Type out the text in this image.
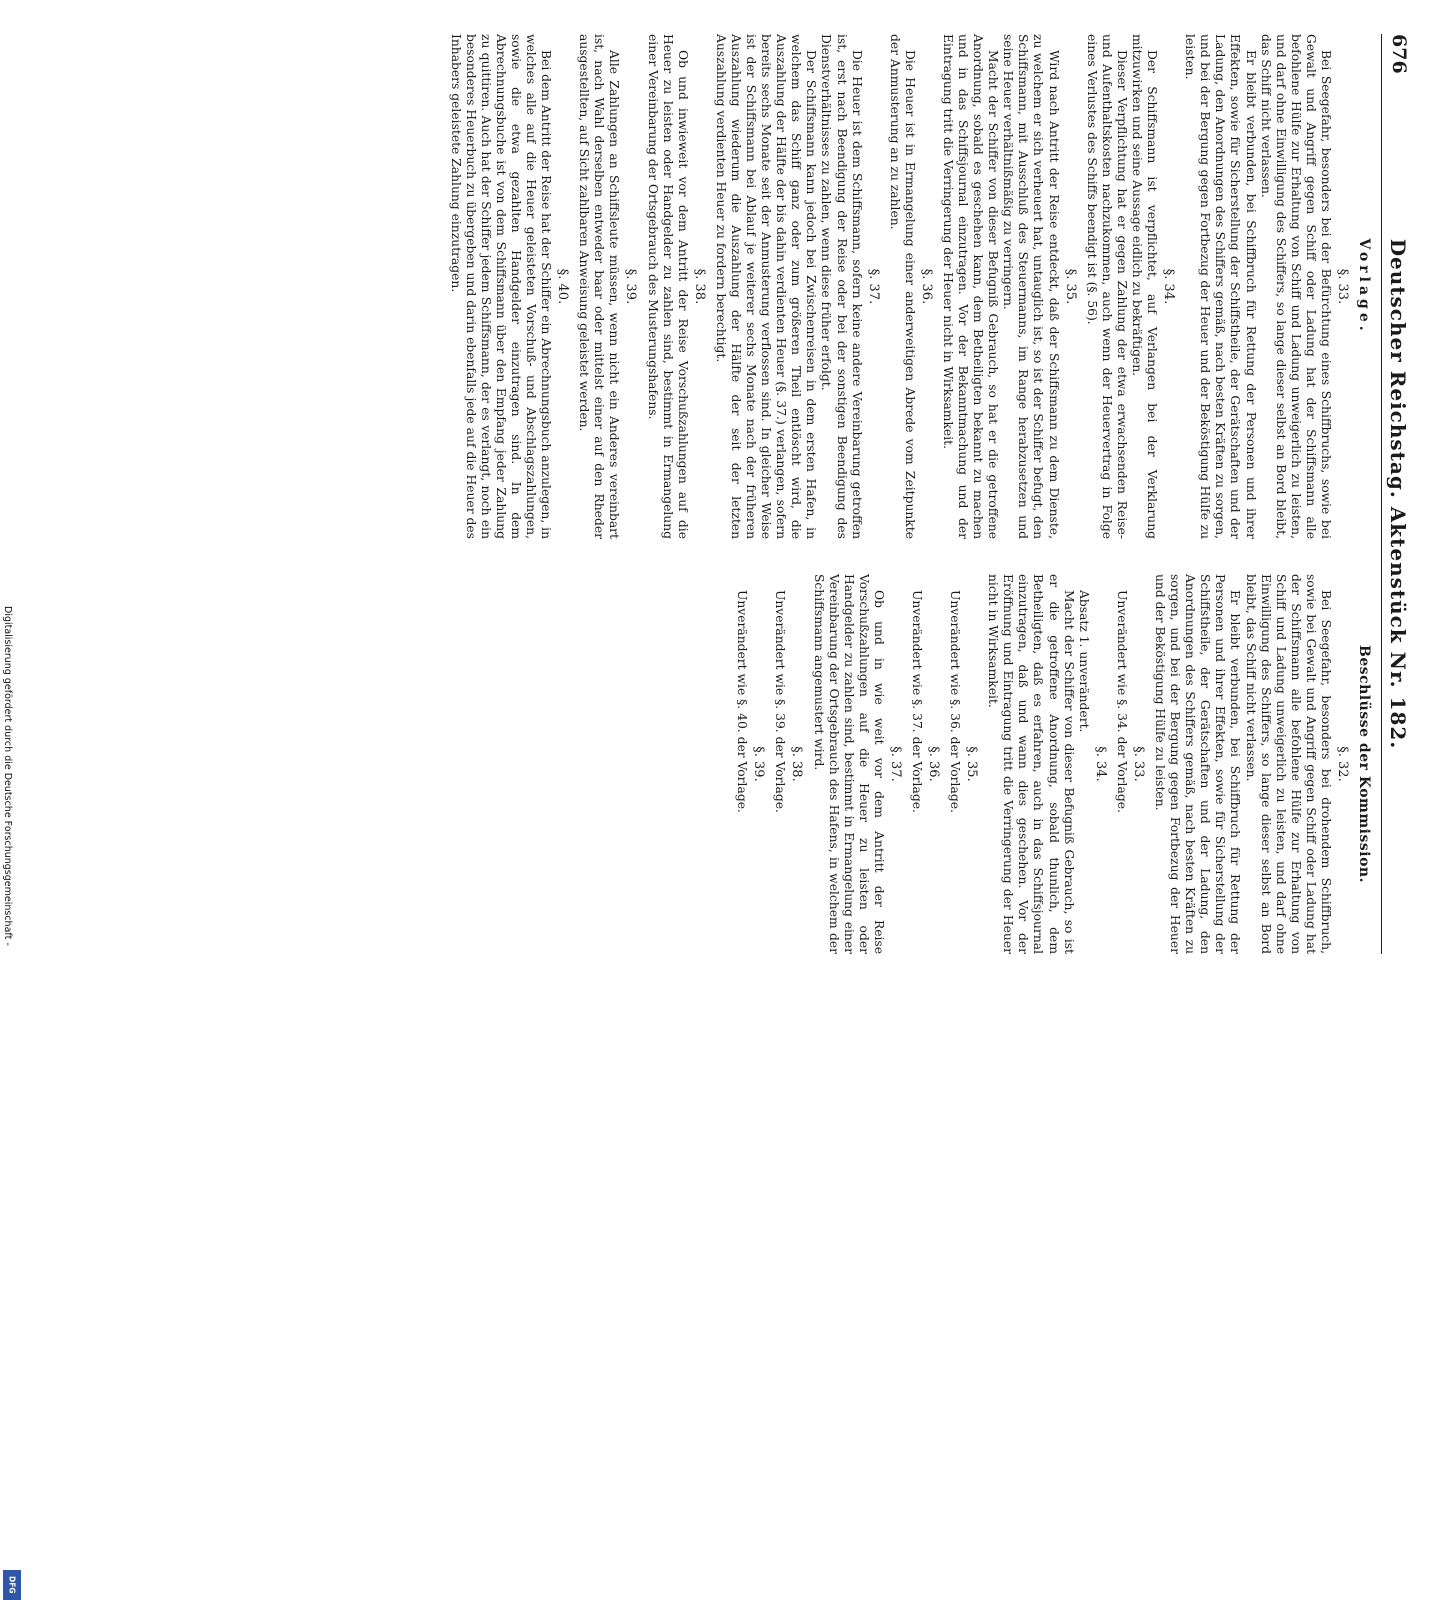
676
Deutscher Reichstag. Aktenstück Nr. 182.
Vorlage.
§. 33.

Bei Seegefahr, besonders bei der Befürchtung eines Schiffbruchs, sowie bei Gewalt und Angriff gegen Schiff oder Ladung hat der Schiffsmann alle befohlene Hülfe zur Erhaltung von Schiff und Ladung unweigerlich zu leisten, und darf ohne Einwilligung des Schiffers, so lange dieser selbst an Bord bleibt, das Schiff nicht verlassen.

Er bleibt verbunden, bei Schiffbruch für Rettung der Personen und ihrer Effekten, sowie für Sicherstellung der Schiffstheile, der Gerätschaften und der Ladung, den Anordnungen des Schiffers gemäß, nach besten Kräften zu sorgen, und bei der Bergung gegen Fortbezug der Heuer und der Beköstigung Hülfe zu leisten.

§. 34.

Der Schiffsmann ist verpflichtet, auf Verlangen bei der Verklarung mitzuwirken und seine Aussage eidlich zu bekräftigen.

Dieser Verpflichtung hat er gegen Zahlung der etwa erwachsenden Reise- und Aufenthaltskosten nachzukommen, auch wenn der Heuervertrag in Folge eines Verlustes des Schiffs beendigt ist (§. 56).

§. 35.

Wird nach Antritt der Reise entdeckt, daß der Schiffsmann zu dem Dienste, zu welchem er sich verheuert hat, untauglich ist, so ist der Schiffer befugt, den Schiffsmann, mit Ausschluß des Steuermanns, im Range herabzusetzen und seine Heuer verhältnißmäßig zu verringern.

Macht der Schiffer von dieser Befugniß Gebrauch, so hat er die getroffene Anordnung, sobald es geschehen kann, dem Betheiligten bekannt zu machen und in das Schiffsjournal einzutragen. Vor der Bekanntmachung und der Eintragung tritt die Verringerung der Heuer nicht in Wirksamkeit.

§. 36.

Die Heuer ist in Ermangelung einer anderweitigen Abrede vom Zeitpunkte der Anmusterung an zu zahlen.

§. 37.

Die Heuer ist dem Schiffsmann, sofern keine andere Vereinbarung getroffen ist, erst nach Beendigung der Reise oder bei der sonstigen Beendigung des Dienstverhältnisses zu zahlen, wenn diese früher erfolgt.

Der Schiffsmann kann jedoch bei Zwischenreisen in dem ersten Hafen, in welchem das Schiff ganz oder zum größeren Theil entlöscht wird, die Auszahlung der Hälfte der bis dahin verdienten Heuer (§. 37.) verlangen, sofern bereits sechs Monate seit der Anmusterung verflossen sind. In gleicher Weise ist der Schiffsmann bei Ablauf je weiterer sechs Monate nach der früheren Auszahlung wiederum die Auszahlung der Hälfte der seit der letzten Auszahlung verdienten Heuer zu fordern berechtigt.

§. 38.

Ob und inwieweit vor dem Antritt der Reise Vorschußzahlungen auf die Heuer zu leisten oder Handgelder zu zahlen sind, bestimmt in Ermangelung einer Vereinbarung der Ortsgebrauch des Musterungshafens.

§. 39.

Alle Zahlungen an Schiffsleute müssen, wenn nicht ein Anderes vereinbart ist, nach Wahl derselben entweder baar oder mittelst einer auf den Rheder ausgestellten, auf Sicht zahlbaren Anweisung geleistet werden.

§. 40.

Bei dem Antritt der Reise hat der Schiffer ein Abrechnungsbuch anzulegen, in welches alle auf die Heuer geleisteten Vorschuß- und Abschlagszahlungen, sowie die etwa gezahlten Handgelder einzutragen sind. In dem Abrechnungsbuche ist von dem Schiffsmann über den Empfang jeder Zahlung zu quittiren. Auch hat der Schiffer jedem Schiffsmann, der es verlangt, noch ein besonderes Heuerbuch zu übergeben und darin ebenfalls jede auf die Heuer des Inhabers geleistete Zahlung einzutragen.

Beschlüsse der Kommission.
§. 32.

Bei Seegefahr, besonders bei drohendem Schiffbruch, sowie bei Gewalt und Angriff gegen Schiff oder Ladung hat der Schiffsmann alle befohlene Hülfe zur Erhaltung von Schiff und Ladung unweigerlich zu leisten, und darf ohne Einwilligung des Schiffers, so lange dieser selbst an Bord bleibt, das Schiff nicht verlassen.

Er bleibt verbunden, bei Schiffbruch für Rettung der Personen und ihrer Effekten, sowie für Sicherstellung der Schiffstheile, der Gerätschaften und der Ladung, den Anordnungen des Schiffers gemäß, nach besten Kräften zu sorgen, und bei der Bergung gegen Fortbezug der Heuer und der Beköstigung Hülfe zu leisten.

§. 33.

Unverändert wie §. 34. der Vorlage.

§. 34.

Absatz 1. unverändert.

Macht der Schiffer von dieser Befugniß Gebrauch, so ist er die getroffene Anordnung, sobald thunlich, dem Betheiligten, daß es erfahren, auch in das Schiffsjournal einzutragen, daß und wann dies geschehen. Vor der Eröffnung und Eintragung tritt die Verringerung der Heuer nicht in Wirksamkeit.

§. 35.

Unverändert wie §. 36. der Vorlage.

§. 36.

Unverändert wie §. 37. der Vorlage.

§. 37.

Ob und in wie weit vor dem Antritt der Reise Vorschußzahlungen auf die Heuer zu leisten oder Handgelder zu zahlen sind, bestimmt in Ermangelung einer Vereinbarung der Ortsgebrauch des Hafens, in welchem der Schiffsmann angemustert wird.

§. 38.

Unverändert wie §. 39. der Vorlage.

§. 39.

Unverändert wie §. 40. der Vorlage.

Digitalisierung gefördert durch die Deutsche Forschungsgemeinschaft -
DFG
